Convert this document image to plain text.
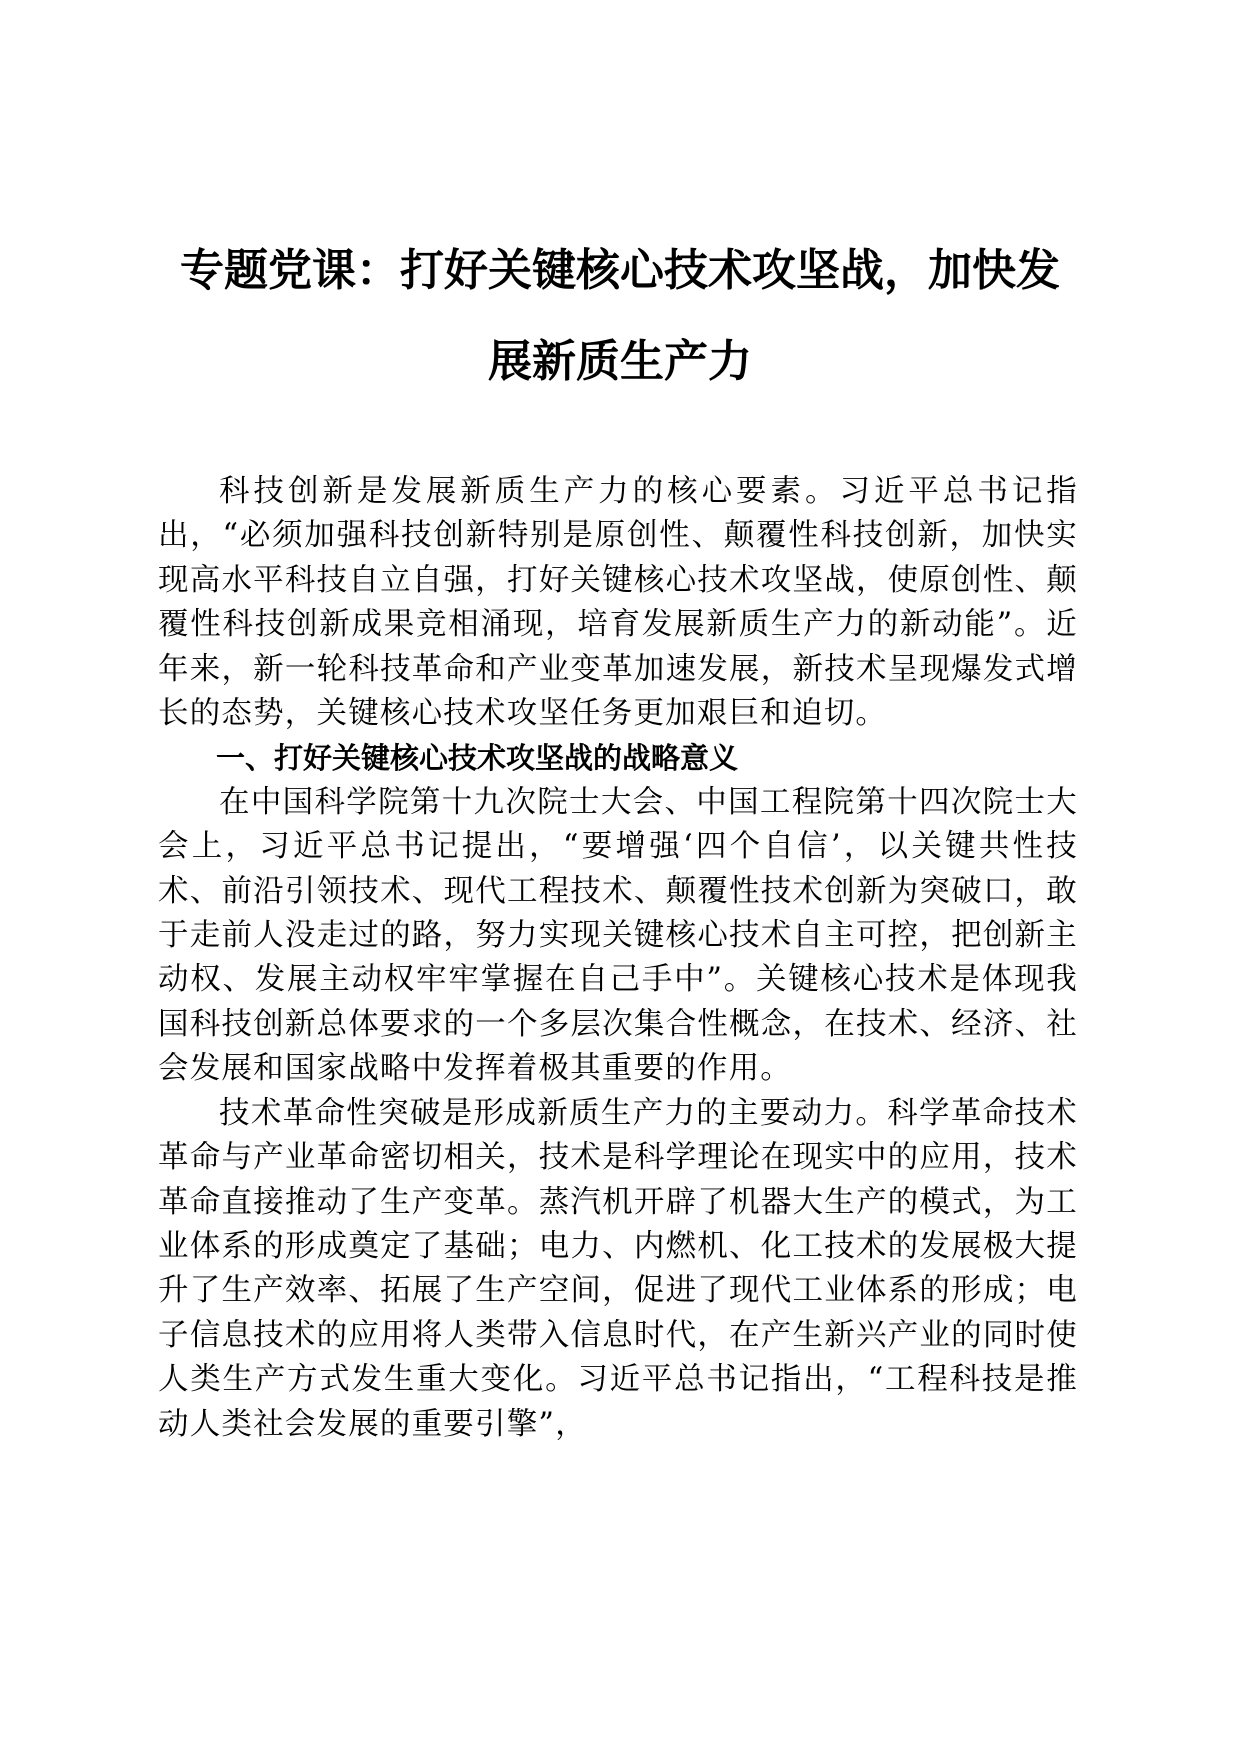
专题党课：打好关键核心技术攻坚战，加快发
展新质生产力

科技创新是发展新质生产力的核心要素。习近平总书记指出，“必须加强科技创新特别是原创性、颠覆性科技创新，加快实现高水平科技自立自强，打好关键核心技术攻坚战，使原创性、颠覆性科技创新成果竞相涌现，培育发展新质生产力的新动能”。近年来，新一轮科技革命和产业变革加速发展，新技术呈现爆发式增长的态势，关键核心技术攻坚任务更加艰巨和迫切。

一、打好关键核心技术攻坚战的战略意义

在中国科学院第十九次院士大会、中国工程院第十四次院士大会上，习近平总书记提出，“要增强‘四个自信’，以关键共性技术、前沿引领技术、现代工程技术、颠覆性技术创新为突破口，敢于走前人没走过的路，努力实现关键核心技术自主可控，把创新主动权、发展主动权牢牢掌握在自己手中”。关键核心技术是体现我国科技创新总体要求的一个多层次集合性概念，在技术、经济、社会发展和国家战略中发挥着极其重要的作用。

技术革命性突破是形成新质生产力的主要动力。科学革命技术革命与产业革命密切相关，技术是科学理论在现实中的应用，技术革命直接推动了生产变革。蒸汽机开辟了机器大生产的模式，为工业体系的形成奠定了基础；电力、内燃机、化工技术的发展极大提升了生产效率、拓展了生产空间，促进了现代工业体系的形成；电子信息技术的应用将人类带入信息时代，在产生新兴产业的同时使人类生产方式发生重大变化。习近平总书记指出，“工程科技是推动人类社会发展的重要引擎”，
